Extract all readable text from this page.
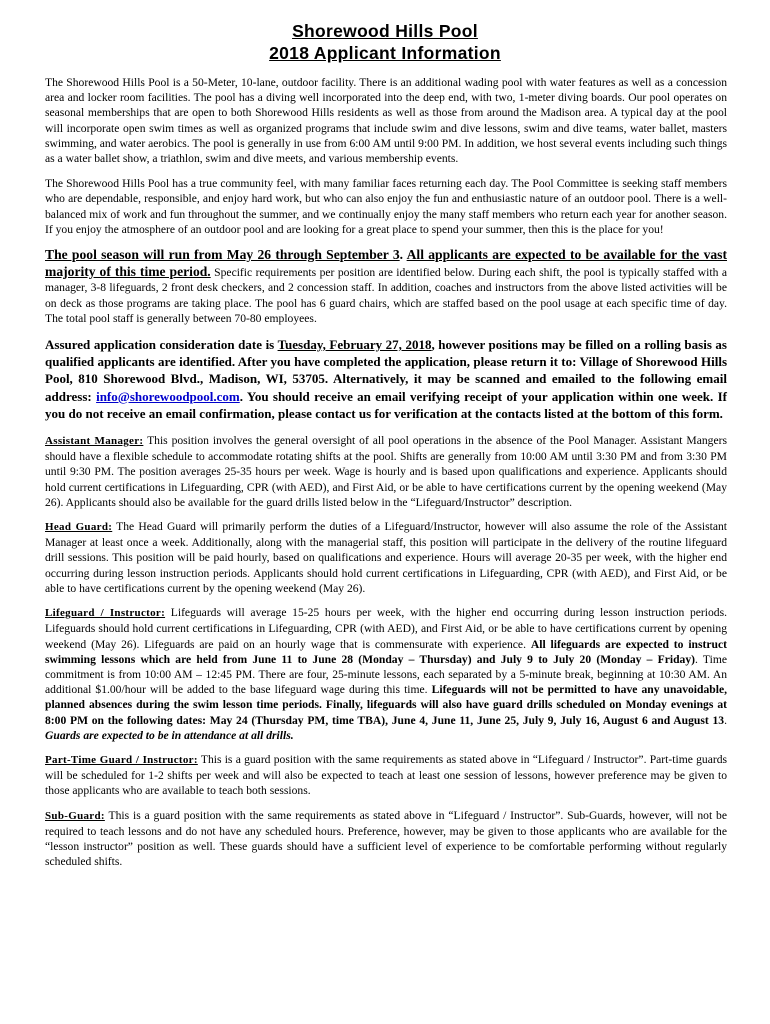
Shorewood Hills Pool
2018 Applicant Information

The Shorewood Hills Pool is a 50-Meter, 10-lane, outdoor facility. There is an additional wading pool with water features as well as a concession area and locker room facilities. The pool has a diving well incorporated into the deep end, with two, 1-meter diving boards. Our pool operates on seasonal memberships that are open to both Shorewood Hills residents as well as those from around the Madison area. A typical day at the pool will incorporate open swim times as well as organized programs that include swim and dive lessons, swim and dive teams, water ballet, masters swimming, and water aerobics. The pool is generally in use from 6:00 AM until 9:00 PM. In addition, we host several events including such things as a water ballet show, a triathlon, swim and dive meets, and various membership events.

The Shorewood Hills Pool has a true community feel, with many familiar faces returning each day. The Pool Committee is seeking staff members who are dependable, responsible, and enjoy hard work, but who can also enjoy the fun and enthusiastic nature of an outdoor pool. There is a well-balanced mix of work and fun throughout the summer, and we continually enjoy the many staff members who return each year for another season. If you enjoy the atmosphere of an outdoor pool and are looking for a great place to spend your summer, then this is the place for you!

The pool season will run from May 26 through September 3. All applicants are expected to be available for the vast majority of this time period. Specific requirements per position are identified below. During each shift, the pool is typically staffed with a manager, 3-8 lifeguards, 2 front desk checkers, and 2 concession staff. In addition, coaches and instructors from the above listed activities will be on deck as those programs are taking place. The pool has 6 guard chairs, which are staffed based on the pool usage at each specific time of day. The total pool staff is generally between 70-80 employees.

Assured application consideration date is Tuesday, February 27, 2018, however positions may be filled on a rolling basis as qualified applicants are identified. After you have completed the application, please return it to: Village of Shorewood Hills Pool, 810 Shorewood Blvd., Madison, WI, 53705. Alternatively, it may be scanned and emailed to the following email address: info@shorewoodpool.com. You should receive an email verifying receipt of your application within one week. If you do not receive an email confirmation, please contact us for verification at the contacts listed at the bottom of this form.

Assistant Manager: This position involves the general oversight of all pool operations in the absence of the Pool Manager. Assistant Mangers should have a flexible schedule to accommodate rotating shifts at the pool. Shifts are generally from 10:00 AM until 3:30 PM and from 3:30 PM until 9:30 PM. The position averages 25-35 hours per week. Wage is hourly and is based upon qualifications and experience. Applicants should hold current certifications in Lifeguarding, CPR (with AED), and First Aid, or be able to have certifications current by the opening weekend (May 26). Applicants should also be available for the guard drills listed below in the “Lifeguard/Instructor” description.

Head Guard: The Head Guard will primarily perform the duties of a Lifeguard/Instructor, however will also assume the role of the Assistant Manager at least once a week. Additionally, along with the managerial staff, this position will participate in the delivery of the routine lifeguard drill sessions. This position will be paid hourly, based on qualifications and experience. Hours will average 20-35 per week, with the higher end occurring during lesson instruction periods. Applicants should hold current certifications in Lifeguarding, CPR (with AED), and First Aid, or be able to have certifications current by the opening weekend (May 26).

Lifeguard / Instructor: Lifeguards will average 15-25 hours per week, with the higher end occurring during lesson instruction periods. Lifeguards should hold current certifications in Lifeguarding, CPR (with AED), and First Aid, or be able to have certifications current by opening weekend (May 26). Lifeguards are paid on an hourly wage that is commensurate with experience. All lifeguards are expected to instruct swimming lessons which are held from June 11 to June 28 (Monday – Thursday) and July 9 to July 20 (Monday – Friday). Time commitment is from 10:00 AM – 12:45 PM. There are four, 25-minute lessons, each separated by a 5-minute break, beginning at 10:30 AM. An additional $1.00/hour will be added to the base lifeguard wage during this time. Lifeguards will not be permitted to have any unavoidable, planned absences during the swim lesson time periods. Finally, lifeguards will also have guard drills scheduled on Monday evenings at 8:00 PM on the following dates: May 24 (Thursday PM, time TBA), June 4, June 11, June 25, July 9, July 16, August 6 and August 13. Guards are expected to be in attendance at all drills.

Part-Time Guard / Instructor: This is a guard position with the same requirements as stated above in “Lifeguard / Instructor”. Part-time guards will be scheduled for 1-2 shifts per week and will also be expected to teach at least one session of lessons, however preference may be given to those applicants who are available to teach both sessions.

Sub-Guard: This is a guard position with the same requirements as stated above in “Lifeguard / Instructor”. Sub-Guards, however, will not be required to teach lessons and do not have any scheduled hours. Preference, however, may be given to those applicants who are available for the “lesson instructor” position as well. These guards should have a sufficient level of experience to be comfortable performing without regularly scheduled shifts.
